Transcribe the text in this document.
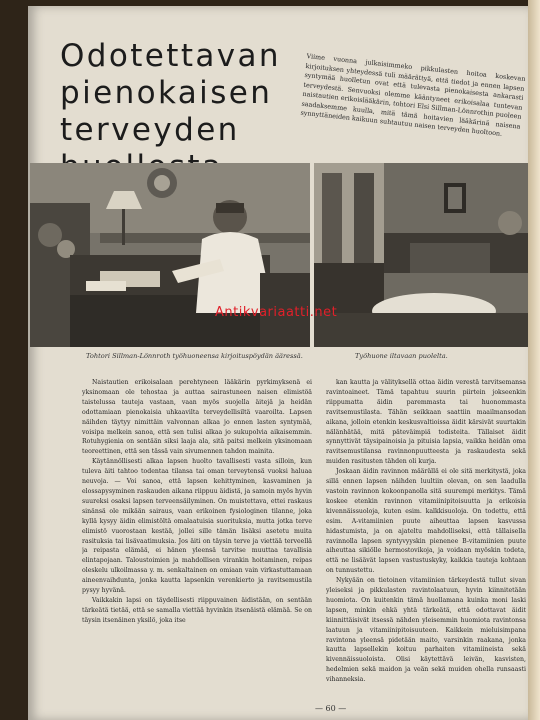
Odotettavan
pienokaisen
terveyden
Viime vuonna julkaisimmeko pikkulasten hoitoa koskevan kirjoituksen yhteydessä tuli määrättyä, että tiedot ja ennen lapsen syntymää huolletun ovat että tulevasta pienokaisesta ankarasti terveydestä. Senvuoksi olemme kääntyneet erikoisalaa tuntevan naistautien erikoislääkärin, tohtori Elsi Sillman-Lönnrothin puoleen saadaksemme kuulla, mitä tämä hoitavien lääkärinä naisena synnyttäneiden kaikuun suhtautuu naisen terveyden huoltoon.
Tohtori Sillman-Lönnroth työhuoneensa kirjoituspöydän ääressä.	Työhuone iltavaan puolelta.
Antikvariaatti.net

Naistautien erikoisalaan perehtyneen lääkärin pyrkimyksenä ei yksinomaan ole tehostaa ja auttaa sairastuneen naisen elimistöä taistelussa tauteja vastaan, vaan myös suojella äitejä ja heidän odottamiaan pienokaisia uhkaavilta terveydellisiltä vaaroilta. Lapsen näihden täytyy nimittäin valvonnan alkaa jo ennen lasten syntymää, voisipa melkein sanoa, että sen tulisi alkaa jo sukupolvia aikaisemmin. Rotuhygienia on sentään siksi laaja ala, sitä paitsi melkein yksinomaan teoreettinen, että sen tässä vain sivumennen tahdon mainita.

Käytännöllisesti alkaa lapsen huolto tavallisesti vasta silloin, kun tuleva äiti tahtoo todentaa tilansa tai oman terveytensä vuoksi haluaa neuvoja. — Voi sanoa, että lapsen kehittyminen, kasvaminen ja elossapysyminen raskauden aikana riippuu äidistä, ja samoin myös hyvin suureksi osaksi lapsen terveensäilyminen. On muistettava, ettei raskaus sinänsä ole mikään sairaus, vaan erikoinen fysiologinen tilanne, joka kyllä kysyy äidin elimistöltä omalaatuisia suorituksia, mutta jotka terve elimistö vuorostaan kestää, jollei sille tämän lisäksi asetetu muita rasituksia tai lisävaatimuksia. Jos äiti on täysin terve ja viettää terveellä ja reipasta elämää, ei hänen yleensä tarvitse muuttaa tavallisia elintapojaan. Taloustoimien ja mahdollisen virankin hoitaminen, reipas oleskelu ulkoilmassa y. m. senkaltainen on omiaan vain virkastuttamaan aineenvaihdunta, jonka kautta lapsenkin verenkierto ja ravitsemustila pysyy hyvänä.

Vaikkakin lapsi on täydellisesti riippuvainen äidistään, on sentään tärkeätä tietää, että se samalla viettää hyvinkin itsenäistä elämää. Se on täysin itsenäinen yksilö, joka itse

kan kautta ja välityksellä ottaa äidin verestä tarvitsemansa ravintoaineet. Tämä tapahtuu suurin piirtein jokseenkin riippumatta äidin paremmasta tai huonommasta ravitsemustilasta. Tähän seikkaan saattiin maailmansodan aikana, jolloin etenkin keskusvaltioissa äidit kärsivät suurtakin nälänhätää, mitä päteväimpiä todisteita. Tällaiset äidit synnyttivät täysipainoisia ja pituisia lapsia, vaikka heidän oma ravitsemustilansa ravinnonpuutteesta ja raskaudesta sekä muiden rasitusten tähden oli kurja.

Joskaan äidin ravinnon määrällä ei ole sitä merkitystä, joka sillä ennen lapsen näihden luultiin olevan, on sen laadulla vastoin ravinnon kokoonpanolla sitä suurempi merkitys. Tämä koskee etenkin ravinnon vitamiinipitoisuutta ja erikoisia kivennäissuoloja, kuten esim. kalkkisuoloja. On todettu, että esim. A-vitamiinien puute aiheuttaa lapsen kasvussa hidastumista, ja on ajateltu mahdolliseksi, että tällaisella ravinnolla lapsen syntyvyyskin pienenee B-vitamiinien puute aiheuttaa sikiölle hermostovikoja, ja voidaan myöskin todeta, että ne lisäävät lapsen vastustuskyky, kaikkia tauteja kohtaan on tunnustettu.

Nykyään on tietoinen vitamiinien tärkeydestä tullut sivan yleiseksi ja pikkulasten ravintolaatuun, hyvin kiinnitetään huomiota. On kuitenkin tämä huollamana kuinka moni laski lapsen, minkin ehkä yhtä tärkeätä, että odottavat äidit kiinnittäisivät itsessä nähden yleisemmin huomiota ravintonsa laatuun ja vitamiinipitoisuuteen. Kaikkein mieluisimpana ravintona yleensä pidetään maito, varsinkin raakana, jonka kautta lapsellekin koituu parhaiten vitamiineista sekä kivennäissuoloista. Olisi käytettävä leivän, kasvisten, hedelmien sekä maidon ja veän sekä muiden ohella runsaasti vihanneksia.

— 60 —
